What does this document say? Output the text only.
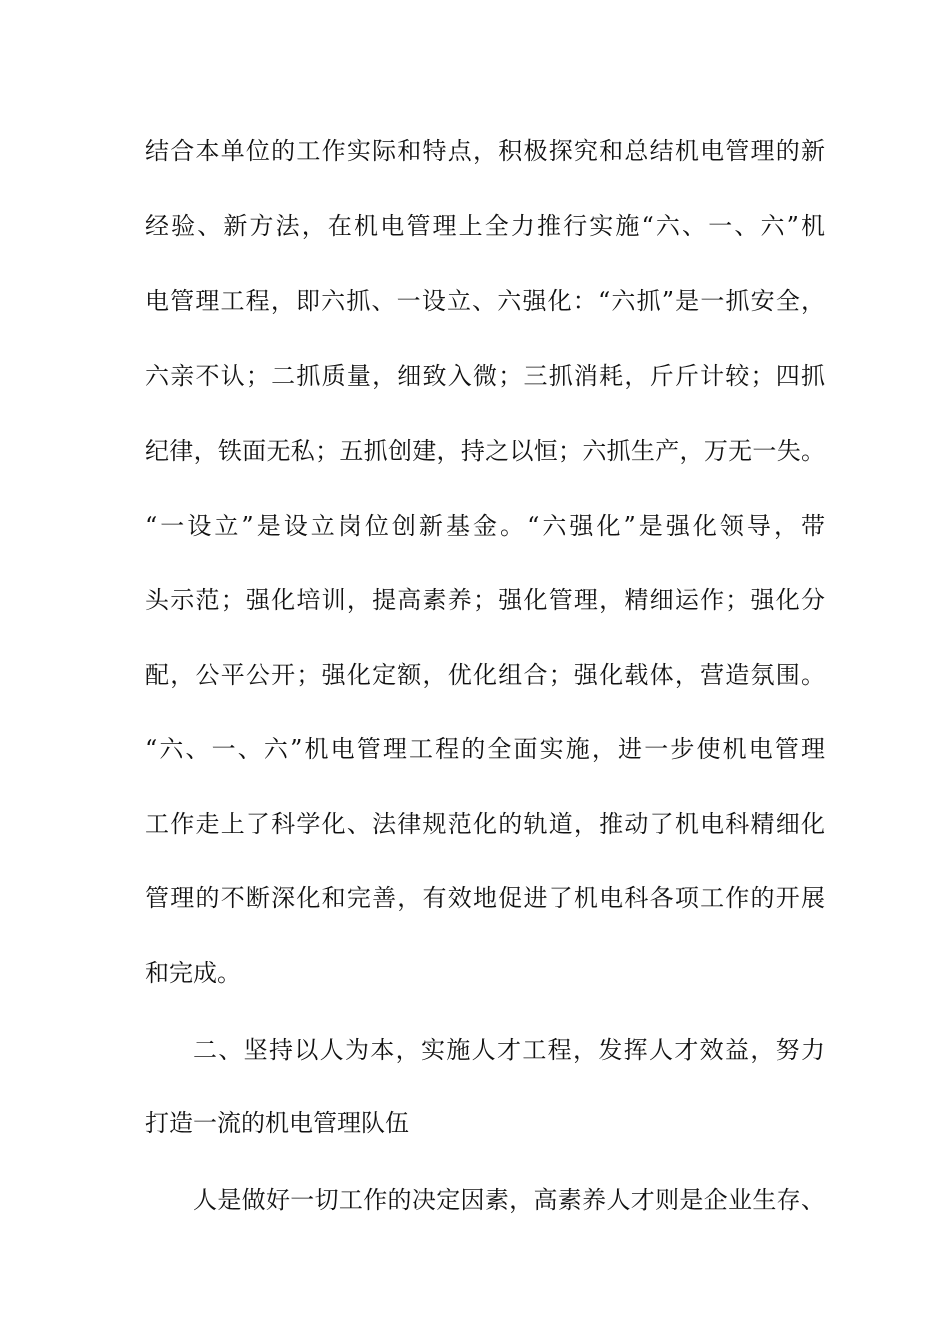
结合本单位的工作实际和特点，积极探究和总结机电管理的新
经验、新方法，在机电管理上全力推行实施“六、一、六”机
电管理工程，即六抓、一设立、六强化：“六抓”是一抓安全，
六亲不认；二抓质量，细致入微；三抓消耗，斤斤计较；四抓
纪律，铁面无私；五抓创建，持之以恒；六抓生产，万无一失。
“一设立”是设立岗位创新基金。“六强化”是强化领导，带
头示范；强化培训，提高素养；强化管理，精细运作；强化分
配，公平公开；强化定额，优化组合；强化载体，营造氛围。
“六、一、六”机电管理工程的全面实施，进一步使机电管理
工作走上了科学化、法律规范化的轨道，推动了机电科精细化
管理的不断深化和完善，有效地促进了机电科各项工作的开展
和完成。
二、坚持以人为本，实施人才工程，发挥人才效益，努力
打造一流的机电管理队伍
人是做好一切工作的决定因素，高素养人才则是企业生存、
